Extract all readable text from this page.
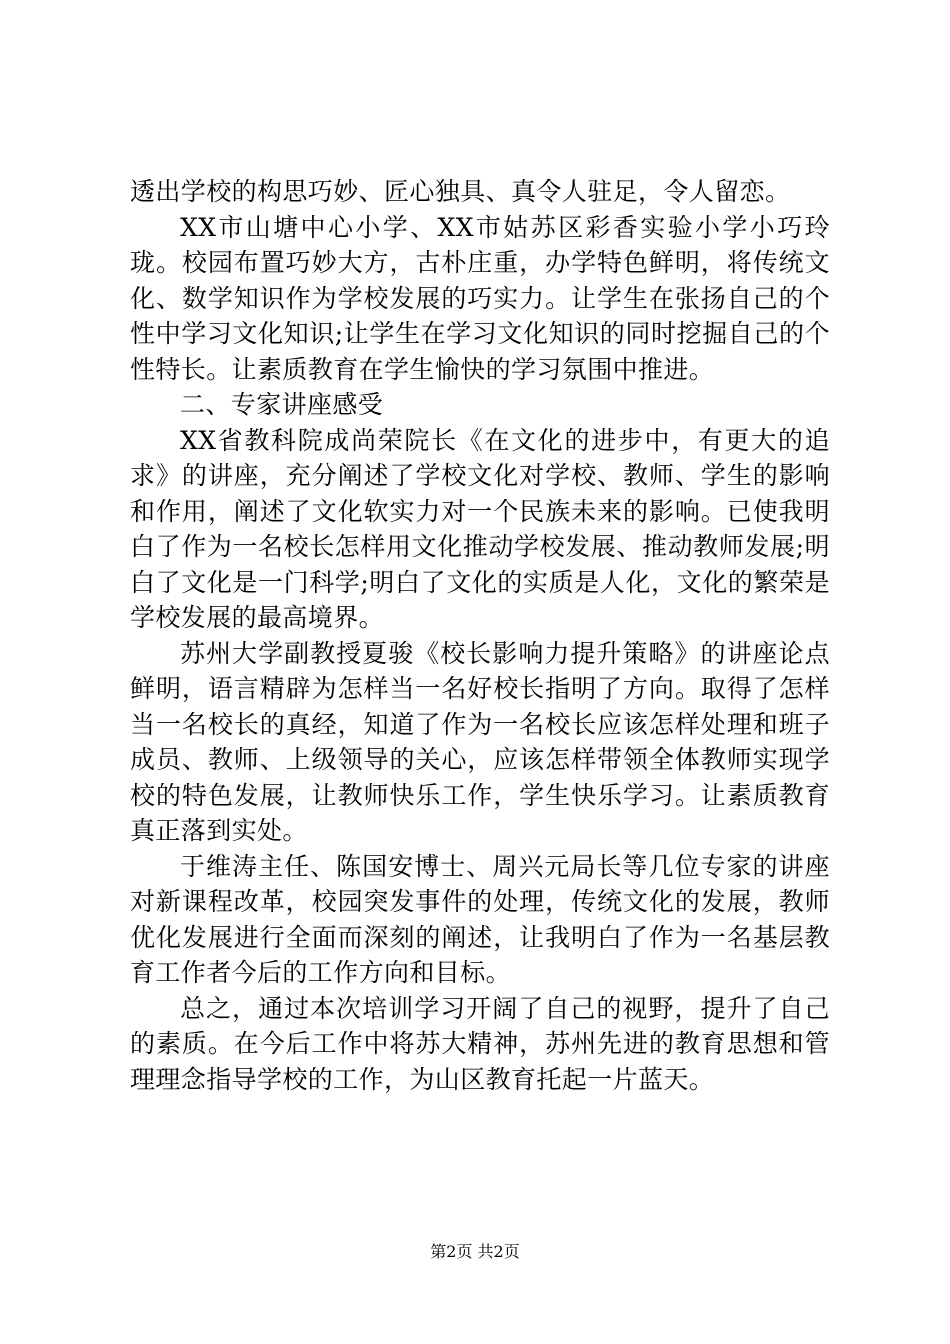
透出学校的构思巧妙、匠心独具、真令人驻足，令人留恋。

XX市山塘中心小学、XX市姑苏区彩香实验小学小巧玲珑。校园布置巧妙大方，古朴庄重，办学特色鲜明，将传统文化、数学知识作为学校发展的巧实力。让学生在张扬自己的个性中学习文化知识;让学生在学习文化知识的同时挖掘自己的个性特长。让素质教育在学生愉快的学习氛围中推进。

二、专家讲座感受

XX省教科院成尚荣院长《在文化的进步中，有更大的追求》的讲座，充分阐述了学校文化对学校、教师、学生的影响和作用，阐述了文化软实力对一个民族未来的影响。已使我明白了作为一名校长怎样用文化推动学校发展、推动教师发展;明白了文化是一门科学;明白了文化的实质是人化，文化的繁荣是学校发展的最高境界。

苏州大学副教授夏骏《校长影响力提升策略》的讲座论点鲜明，语言精辟为怎样当一名好校长指明了方向。取得了怎样当一名校长的真经，知道了作为一名校长应该怎样处理和班子成员、教师、上级领导的关心，应该怎样带领全体教师实现学校的特色发展，让教师快乐工作，学生快乐学习。让素质教育真正落到实处。

于维涛主任、陈国安博士、周兴元局长等几位专家的讲座对新课程改革，校园突发事件的处理，传统文化的发展，教师优化发展进行全面而深刻的阐述，让我明白了作为一名基层教育工作者今后的工作方向和目标。

总之，通过本次培训学习开阔了自己的视野，提升了自己的素质。在今后工作中将苏大精神，苏州先进的教育思想和管理理念指导学校的工作，为山区教育托起一片蓝天。

第2页 共2页
